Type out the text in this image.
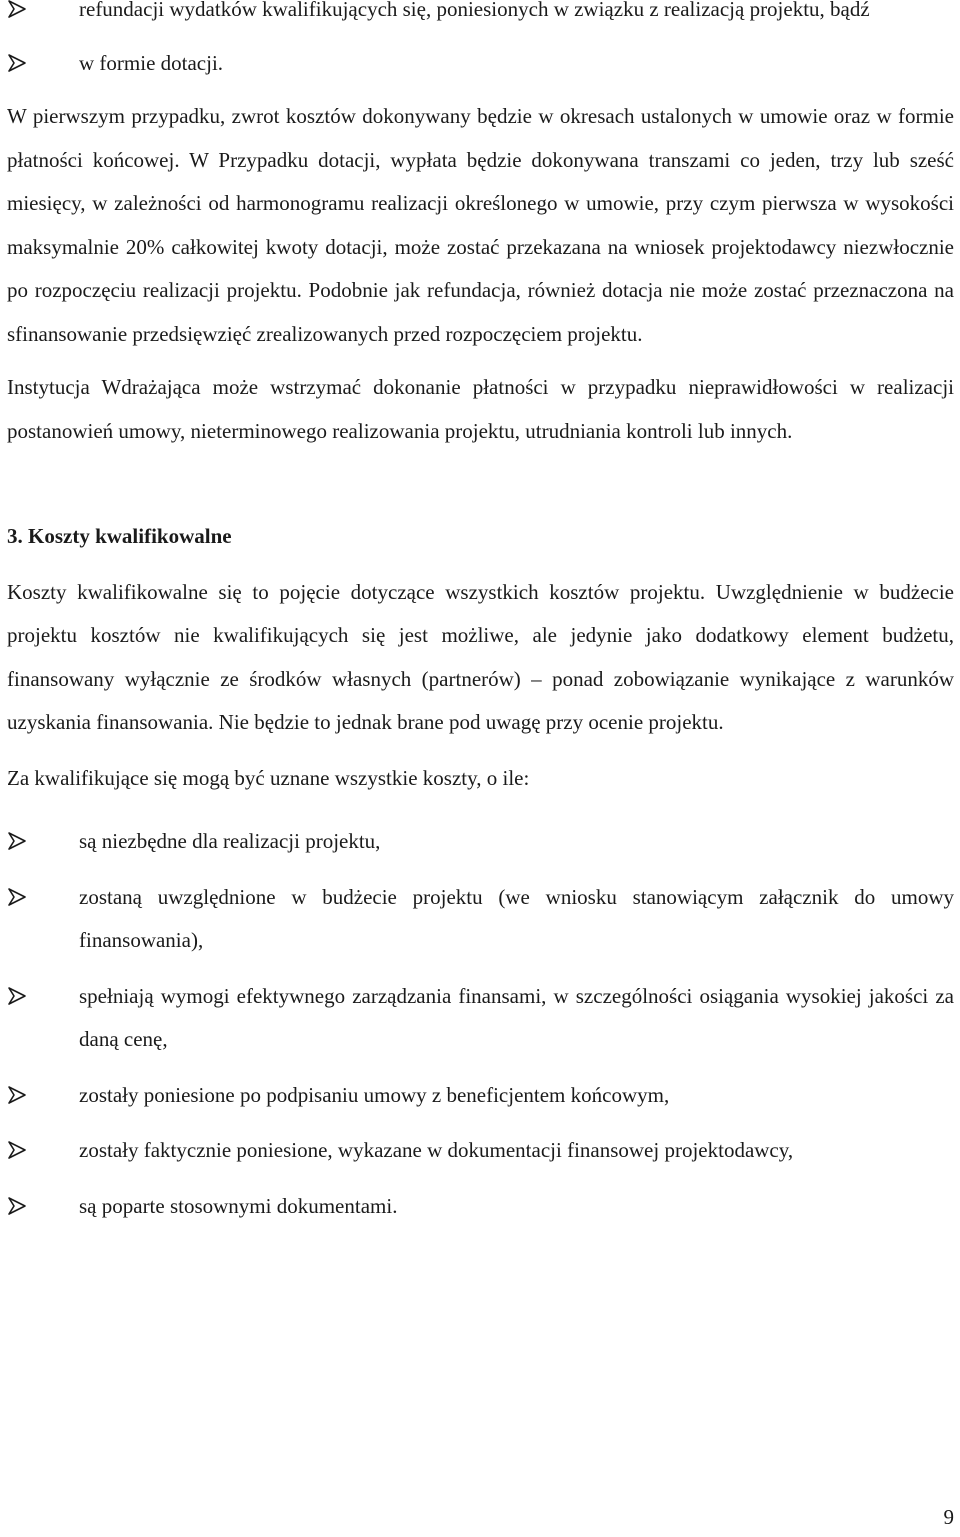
refundacji wydatków kwalifikujących się, poniesionych w związku z realizacją projektu, bądź
w formie dotacji.

W pierwszym przypadku, zwrot kosztów dokonywany będzie w okresach ustalonych w umowie oraz w formie płatności końcowej. W Przypadku dotacji, wypłata będzie dokonywana transzami co jeden, trzy lub sześć miesięcy, w zależności od harmonogramu realizacji określonego w umowie, przy czym pierwsza w wysokości maksymalnie 20% całkowitej kwoty dotacji, może zostać przekazana na wniosek projektodawcy niezwłocznie po rozpoczęciu realizacji projektu. Podobnie jak refundacja, również dotacja nie może zostać przeznaczona na sfinansowanie przedsięwzięć zrealizowanych przed rozpoczęciem projektu.

Instytucja Wdrażająca może wstrzymać dokonanie płatności w przypadku nieprawidłowości w realizacji postanowień umowy, nieterminowego realizowania projektu, utrudniania kontroli lub innych.

3. Koszty kwalifikowalne

Koszty kwalifikowalne się to pojęcie dotyczące wszystkich kosztów projektu. Uwzględnienie w budżecie projektu kosztów nie kwalifikujących się jest możliwe, ale jedynie jako dodatkowy element budżetu, finansowany wyłącznie ze środków własnych (partnerów) – ponad zobowiązanie wynikające z warunków uzyskania finansowania. Nie będzie to jednak brane pod uwagę przy ocenie projektu.

Za kwalifikujące się mogą być uznane wszystkie koszty, o ile:

są niezbędne dla realizacji projektu,
zostaną uwzględnione w budżecie projektu (we wniosku stanowiącym załącznik do umowy finansowania),
spełniają wymogi efektywnego zarządzania finansami, w szczególności osiągania wysokiej jakości za daną cenę,
zostały poniesione po podpisaniu umowy z beneficjentem końcowym,
zostały faktycznie poniesione, wykazane w dokumentacji finansowej projektodawcy,
są poparte stosownymi dokumentami.
9
